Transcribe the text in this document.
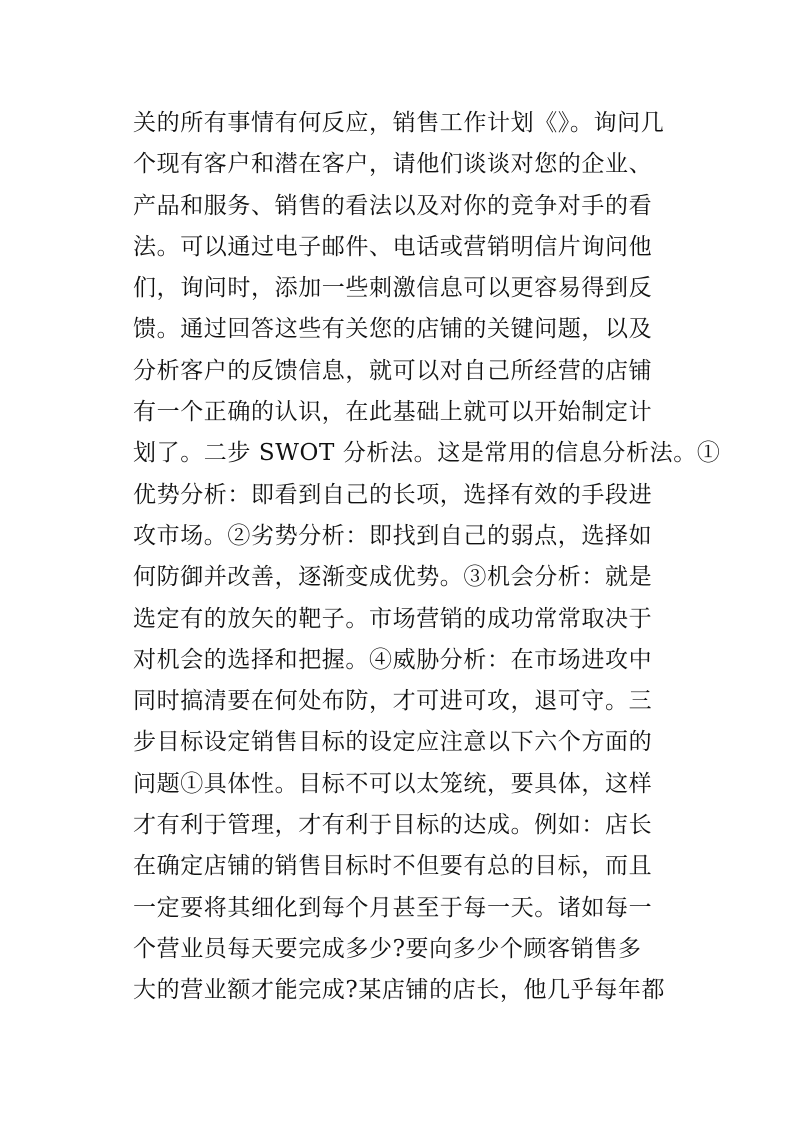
关的所有事情有何反应，销售工作计划《》。询问几
个现有客户和潜在客户，请他们谈谈对您的企业、
产品和服务、销售的看法以及对你的竞争对手的看
法。可以通过电子邮件、电话或营销明信片询问他
们，询问时，添加一些刺激信息可以更容易得到反
馈。通过回答这些有关您的店铺的关键问题，以及
分析客户的反馈信息，就可以对自己所经营的店铺
有一个正确的认识，在此基础上就可以开始制定计
划了。二步 SWOT 分析法。这是常用的信息分析法。①
优势分析：即看到自己的长项，选择有效的手段进
攻市场。②劣势分析：即找到自己的弱点，选择如
何防御并改善，逐渐变成优势。③机会分析：就是
选定有的放矢的靶子。市场营销的成功常常取决于
对机会的选择和把握。④威胁分析：在市场进攻中
同时搞清要在何处布防，才可进可攻，退可守。三
步目标设定销售目标的设定应注意以下六个方面的
问题①具体性。目标不可以太笼统，要具体，这样
才有利于管理，才有利于目标的达成。例如：店长
在确定店铺的销售目标时不但要有总的目标，而且
一定要将其细化到每个月甚至于每一天。诸如每一
个营业员每天要完成多少?要向多少个顾客销售多
大的营业额才能完成?某店铺的店长，他几乎每年都
